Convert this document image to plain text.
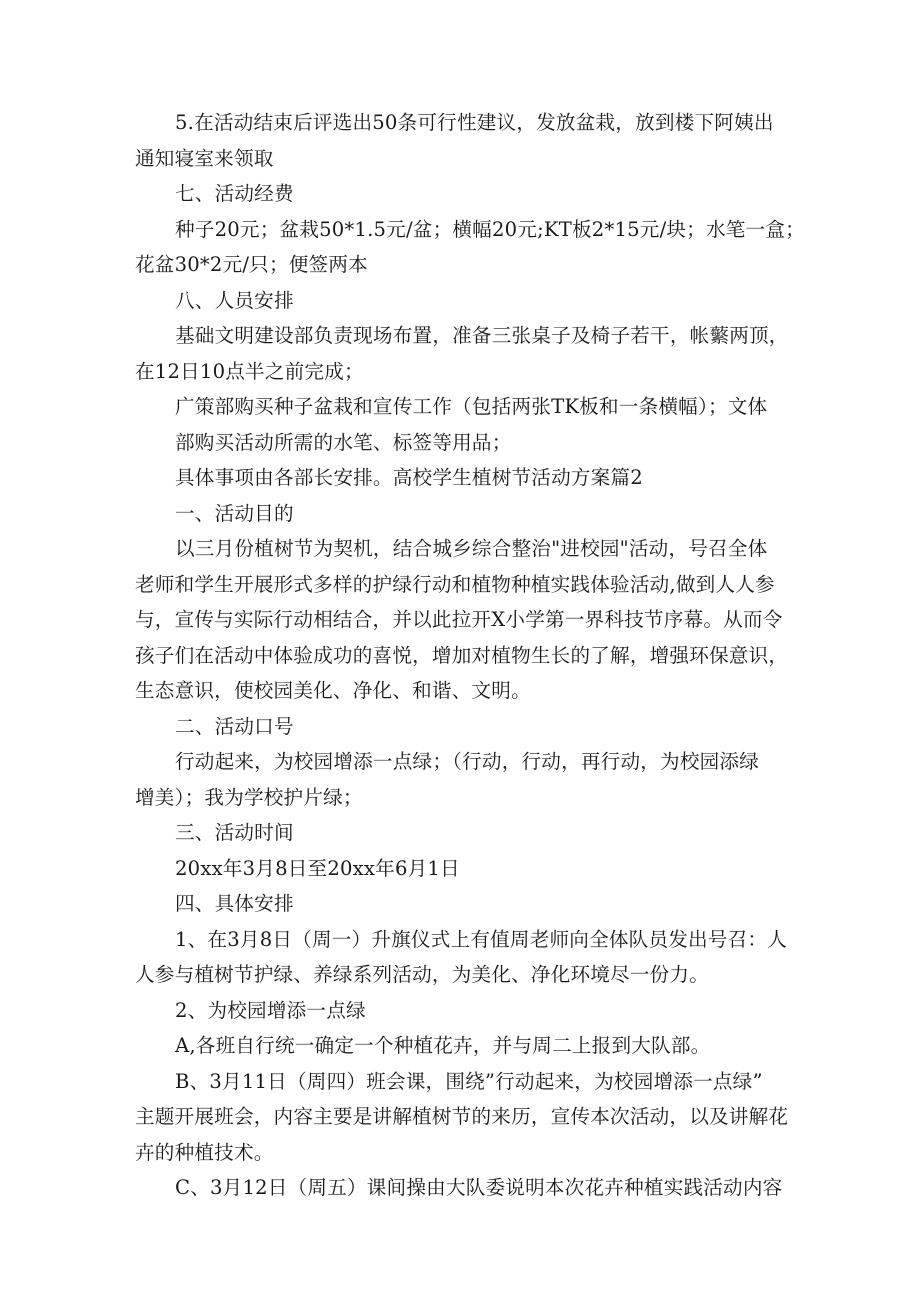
5.在活动结束后评选出50条可行性建议，发放盆栽，放到楼下阿姨出
通知寝室来领取
七、活动经费
种子20元；盆栽50*1.5元/盆；横幅20元;KT板2*15元/块；水笔一盒；
花盆30*2元/只；便签两本
八、人员安排
基础文明建设部负责现场布置，准备三张桌子及椅子若干，帐蘩两顶，
在12日10点半之前完成；
广策部购买种子盆栽和宣传工作（包括两张TK板和一条横幅）；文体
部购买活动所需的水笔、标签等用品；
具体事项由各部长安排。高校学生植树节活动方案篇2
一、活动目的
以三月份植树节为契机，结合城乡综合整治"进校园"活动，号召全体
老师和学生开展形式多样的护绿行动和植物种植实践体验活动,做到人人参
与，宣传与实际行动相结合，并以此拉开X小学第一界科技节序幕。从而令
孩子们在活动中体验成功的喜悦，增加对植物生长的了解，增强环保意识，
生态意识，使校园美化、净化、和谐、文明。
二、活动口号
行动起来，为校园增添一点绿；（行动，行动，再行动，为校园添绿
增美）；我为学校护片绿；
三、活动时间
20xx年3月8日至20xx年6月1日
四、具体安排
1、在3月8日（周一）升旗仪式上有值周老师向全体队员发出号召：人
人参与植树节护绿、养绿系列活动，为美化、净化环境尽一份力。
2、为校园增添一点绿
A,各班自行统一确定一个种植花卉，并与周二上报到大队部。
B、3月11日（周四）班会课，围绕”行动起来，为校园增添一点绿”
主题开展班会，内容主要是讲解植树节的来历，宣传本次活动，以及讲解花
卉的种植技术。
C、3月12日（周五）课间操由大队委说明本次花卉种植实践活动内容
